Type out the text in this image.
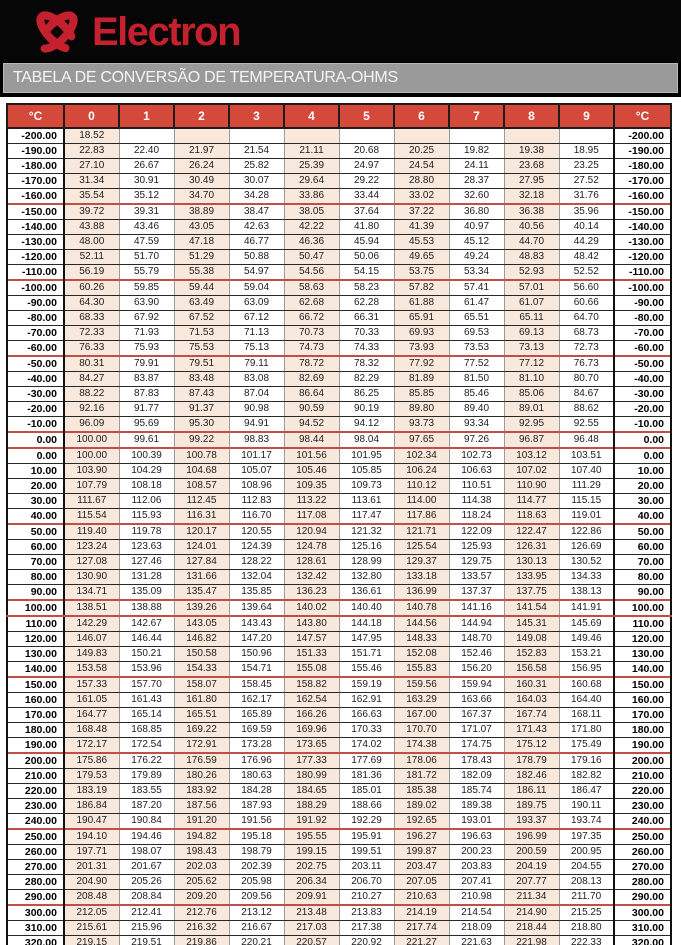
Electron
TABELA DE CONVERSÃO DE TEMPERATURA-OHMS
°C	0	1	2	3	4	5	6	7	8	9	°C
-200.00	18.52										-200.00
-190.00	22.83	22.40	21.97	21.54	21.11	20.68	20.25	19.82	19.38	18.95	-190.00
-180.00	27.10	26.67	26.24	25.82	25.39	24.97	24.54	24.11	23.68	23.25	-180.00
-170.00	31.34	30.91	30.49	30.07	29.64	29.22	28.80	28.37	27.95	27.52	-170.00
-160.00	35.54	35.12	34.70	34.28	33.86	33.44	33.02	32.60	32.18	31.76	-160.00
-150.00	39.72	39.31	38.89	38.47	38.05	37.64	37.22	36.80	36.38	35.96	-150.00
-140.00	43.88	43.46	43.05	42.63	42.22	41.80	41.39	40.97	40.56	40.14	-140.00
-130.00	48.00	47.59	47.18	46.77	46.36	45.94	45.53	45.12	44.70	44.29	-130.00
-120.00	52.11	51.70	51.29	50.88	50.47	50.06	49.65	49.24	48.83	48.42	-120.00
-110.00	56.19	55.79	55.38	54.97	54.56	54.15	53.75	53.34	52.93	52.52	-110.00
-100.00	60.26	59.85	59.44	59.04	58.63	58.23	57.82	57.41	57.01	56.60	-100.00
-90.00	64.30	63.90	63.49	63.09	62.68	62.28	61.88	61.47	61.07	60.66	-90.00
-80.00	68.33	67.92	67.52	67.12	66.72	66.31	65.91	65.51	65.11	64.70	-80.00
-70.00	72.33	71.93	71.53	71.13	70.73	70.33	69.93	69.53	69.13	68.73	-70.00
-60.00	76.33	75.93	75.53	75.13	74.73	74.33	73.93	73.53	73.13	72.73	-60.00
-50.00	80.31	79.91	79.51	79.11	78.72	78.32	77.92	77.52	77.12	76.73	-50.00
-40.00	84.27	83.87	83.48	83.08	82.69	82.29	81.89	81.50	81.10	80.70	-40.00
-30.00	88.22	87.83	87.43	87.04	86.64	86.25	85.85	85.46	85.06	84.67	-30.00
-20.00	92.16	91.77	91.37	90.98	90.59	90.19	89.80	89.40	89.01	88.62	-20.00
-10.00	96.09	95.69	95.30	94.91	94.52	94.12	93.73	93.34	92.95	92.55	-10.00
0.00	100.00	99.61	99.22	98.83	98.44	98.04	97.65	97.26	96.87	96.48	0.00
0.00	100.00	100.39	100.78	101.17	101.56	101.95	102.34	102.73	103.12	103.51	0.00
10.00	103.90	104.29	104.68	105.07	105.46	105.85	106.24	106.63	107.02	107.40	10.00
20.00	107.79	108.18	108.57	108.96	109.35	109.73	110.12	110.51	110.90	111.29	20.00
30.00	111.67	112.06	112.45	112.83	113.22	113.61	114.00	114.38	114.77	115.15	30.00
40.00	115.54	115.93	116.31	116.70	117.08	117.47	117.86	118.24	118.63	119.01	40.00
50.00	119.40	119.78	120.17	120.55	120.94	121.32	121.71	122.09	122.47	122.86	50.00
60.00	123.24	123.63	124.01	124.39	124.78	125.16	125.54	125.93	126.31	126.69	60.00
70.00	127.08	127.46	127.84	128.22	128.61	128.99	129.37	129.75	130.13	130.52	70.00
80.00	130.90	131.28	131.66	132.04	132.42	132.80	133.18	133.57	133.95	134.33	80.00
90.00	134.71	135.09	135.47	135.85	136.23	136.61	136.99	137.37	137.75	138.13	90.00
100.00	138.51	138.88	139.26	139.64	140.02	140.40	140.78	141.16	141.54	141.91	100.00
110.00	142.29	142.67	143.05	143.43	143.80	144.18	144.56	144.94	145.31	145.69	110.00
120.00	146.07	146.44	146.82	147.20	147.57	147.95	148.33	148.70	149.08	149.46	120.00
130.00	149.83	150.21	150.58	150.96	151.33	151.71	152.08	152.46	152.83	153.21	130.00
140.00	153.58	153.96	154.33	154.71	155.08	155.46	155.83	156.20	156.58	156.95	140.00
150.00	157.33	157.70	158.07	158.45	158.82	159.19	159.56	159.94	160.31	160.68	150.00
160.00	161.05	161.43	161.80	162.17	162.54	162.91	163.29	163.66	164.03	164.40	160.00
170.00	164.77	165.14	165.51	165.89	166.26	166.63	167.00	167.37	167.74	168.11	170.00
180.00	168.48	168.85	169.22	169.59	169.96	170.33	170.70	171.07	171.43	171.80	180.00
190.00	172.17	172.54	172.91	173.28	173.65	174.02	174.38	174.75	175.12	175.49	190.00
200.00	175.86	176.22	176.59	176.96	177.33	177.69	178.06	178.43	178.79	179.16	200.00
210.00	179.53	179.89	180.26	180.63	180.99	181.36	181.72	182.09	182.46	182.82	210.00
220.00	183.19	183.55	183.92	184.28	184.65	185.01	185.38	185.74	186.11	186.47	220.00
230.00	186.84	187.20	187.56	187.93	188.29	188.66	189.02	189.38	189.75	190.11	230.00
240.00	190.47	190.84	191.20	191.56	191.92	192.29	192.65	193.01	193.37	193.74	240.00
250.00	194.10	194.46	194.82	195.18	195.55	195.91	196.27	196.63	196.99	197.35	250.00
260.00	197.71	198.07	198.43	198.79	199.15	199.51	199.87	200.23	200.59	200.95	260.00
270.00	201.31	201.67	202.03	202.39	202.75	203.11	203.47	203.83	204.19	204.55	270.00
280.00	204.90	205.26	205.62	205.98	206.34	206.70	207.05	207.41	207.77	208.13	280.00
290.00	208.48	208.84	209.20	209.56	209.91	210.27	210.63	210.98	211.34	211.70	290.00
300.00	212.05	212.41	212.76	213.12	213.48	213.83	214.19	214.54	214.90	215.25	300.00
310.00	215.61	215.96	216.32	216.67	217.03	217.38	217.74	218.09	218.44	218.80	310.00
320.00	219.15	219.51	219.86	220.21	220.57	220.92	221.27	221.63	221.98	222.33	320.00
